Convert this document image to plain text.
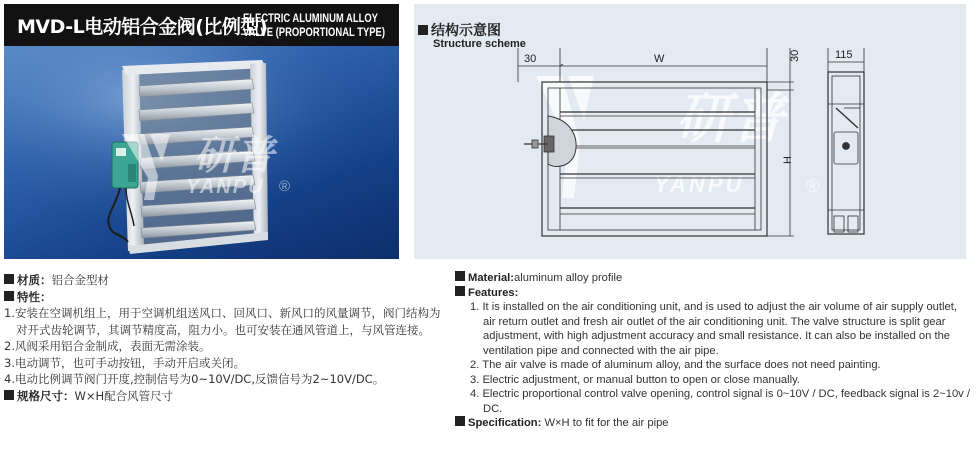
MVD-L电动铝合金阀(比例型)
ELECTRIC ALUMINUM ALLOY
VALVE (PROPORTIONAL TYPE)
研普
YANPU ®
研普
YANPU	®
30	W	30
H
115
结构示意图
Structure scheme
材质：铝合金型材
特性：
1.安装在空调机组上，用于空调机组送风口、回风口、新风口的风量调节，阀门结构为对开式齿轮调节，其调节精度高，阻力小。也可安装在通风管道上，与风管连接。
2.风阀采用铝合金制成，表面无需涂装。
3.电动调节，也可手动按钮，手动开启或关闭。
4.电动比例调节阀门开度,控制信号为0~10V/DC,反馈信号为2~10V/DC。
规格尺寸：W×H配合风管尺寸
Material:aluminum alloy profile
Features:
1. It is installed on the air conditioning unit, and is used to adjust the air volume of air supply outlet, air return outlet and fresh air outlet of the air conditioning unit. The valve structure is split gear adjustment, with high adjustment accuracy and small resistance. It can also be installed on the ventilation pipe and connected with the air pipe.
2. The air valve is made of aluminum alloy, and the surface does not need painting.
3. Electric adjustment, or manual button to open or close manually.
4. Electric proportional control valve opening, control signal is 0~10V / DC, feedback signal is 2~10v / DC.
Specification: W×H to fit for the air pipe
